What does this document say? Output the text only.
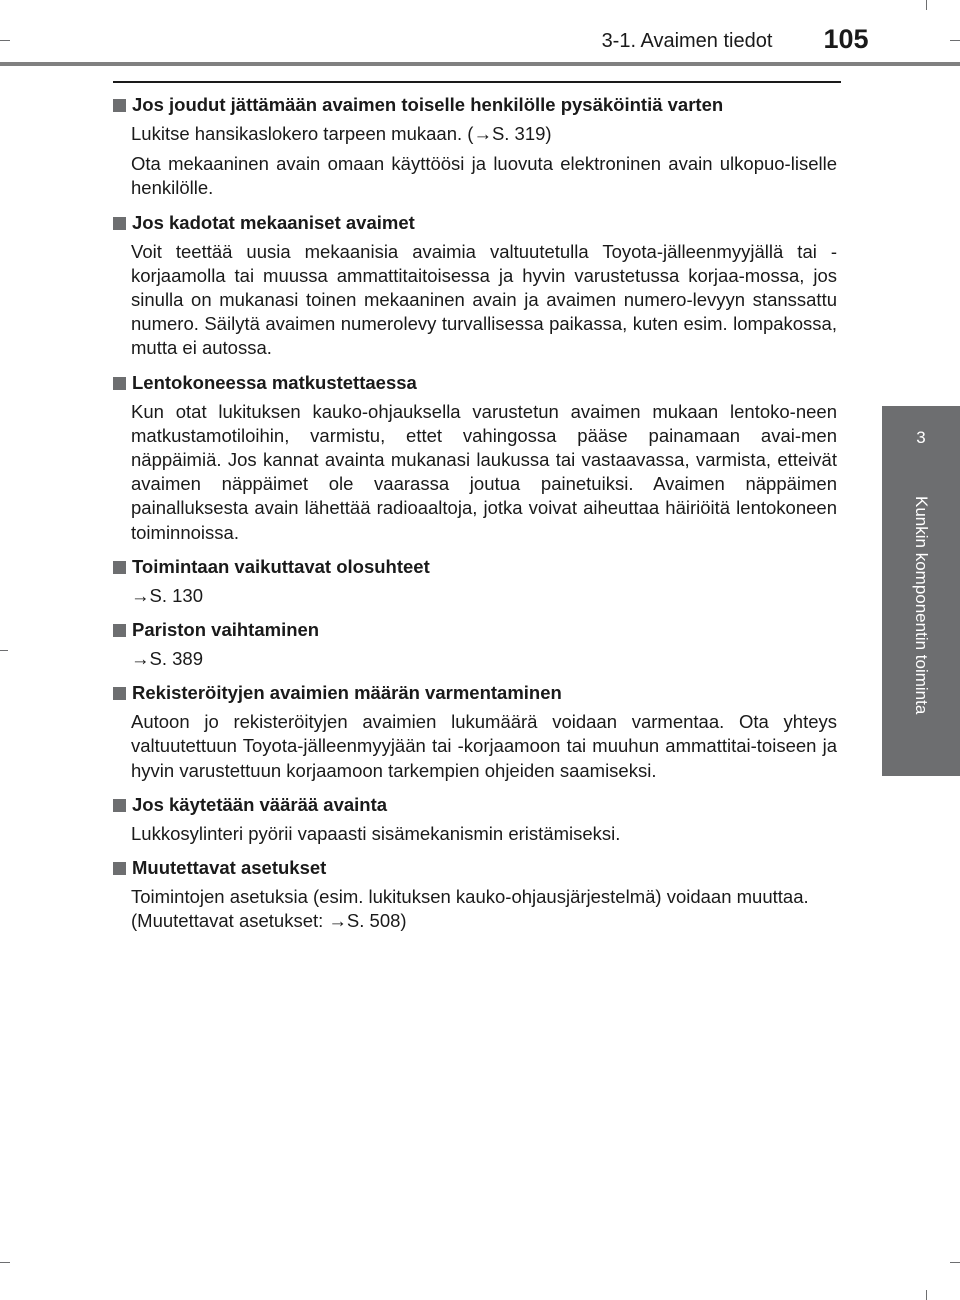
3-1. Avaimen tiedot	105
3
Kunkin komponentin toiminta
Jos joudut jättämään avaimen toiselle henkilölle pysäköintiä varten
Lukitse hansikaslokero tarpeen mukaan. (→S. 319)
Ota mekaaninen avain omaan käyttöösi ja luovuta elektroninen avain ulkopuo-liselle henkilölle.
Jos kadotat mekaaniset avaimet
Voit teettää uusia mekaanisia avaimia valtuutetulla Toyota-jälleenmyyjällä tai -korjaamolla tai muussa ammattitaitoisessa ja hyvin varustetussa korjaa-mossa, jos sinulla on mukanasi toinen mekaaninen avain ja avaimen numero-levyyn stanssattu numero. Säilytä avaimen numerolevy turvallisessa paikassa, kuten esim. lompakossa, mutta ei autossa.
Lentokoneessa matkustettaessa
Kun otat lukituksen kauko-ohjauksella varustetun avaimen mukaan lentoko-neen matkustamotiloihin, varmistu, ettet vahingossa pääse painamaan avai-men näppäimiä. Jos kannat avainta mukanasi laukussa tai vastaavassa, varmista, etteivät avaimen näppäimet ole vaarassa joutua painetuiksi. Avaimen näppäimen painalluksesta avain lähettää radioaaltoja, jotka voivat aiheuttaa häiriöitä lentokoneen toiminnoissa.
Toimintaan vaikuttavat olosuhteet
→S. 130
Pariston vaihtaminen
→S. 389
Rekisteröityjen avaimien määrän varmentaminen
Autoon jo rekisteröityjen avaimien lukumäärä voidaan varmentaa. Ota yhteys valtuutettuun Toyota-jälleenmyyjään tai -korjaamoon tai muuhun ammattitai-toiseen ja hyvin varustettuun korjaamoon tarkempien ohjeiden saamiseksi.
Jos käytetään väärää avainta
Lukkosylinteri pyörii vapaasti sisämekanismin eristämiseksi.
Muutettavat asetukset
Toimintojen asetuksia (esim. lukituksen kauko-ohjausjärjestelmä) voidaan muuttaa.
(Muutettavat asetukset: →S. 508)
